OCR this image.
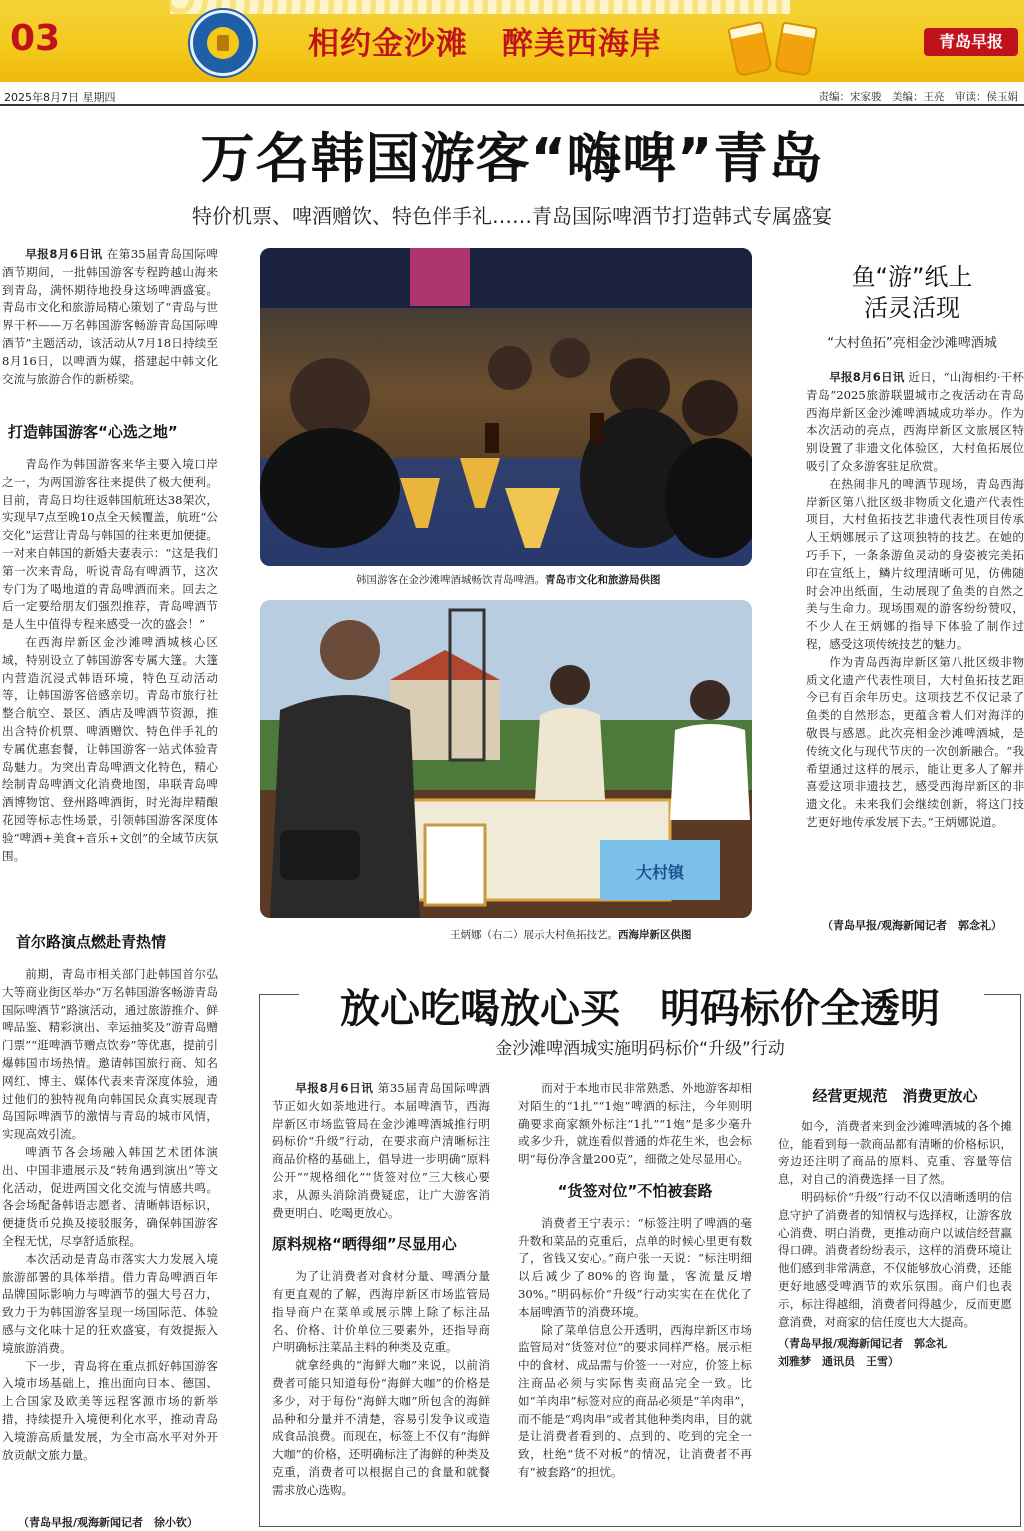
03	相约金沙滩 醉美西海岸	青岛早报
2025年8月7日 星期四	责编：宋家骏　美编：王亮　审读：侯玉娟
万名韩国游客“嗨啤”青岛
特价机票、啤酒赠饮、特色伴手礼……青岛国际啤酒节打造韩式专属盛宴

早报8月6日讯 在第35届青岛国际啤酒节期间，一批韩国游客专程跨越山海来到青岛，满怀期待地投身这场啤酒盛宴。青岛市文化和旅游局精心策划了“青岛与世界干杯——万名韩国游客畅游青岛国际啤酒节”主题活动，该活动从7月18日持续至8月16日，以啤酒为媒，搭建起中韩文化交流与旅游合作的新桥梁。

打造韩国游客“心选之地”

青岛作为韩国游客来华主要入境口岸之一，为两国游客往来提供了极大便利。目前，青岛日均往返韩国航班达38架次，实现早7点至晚10点全天候覆盖，航班“公交化”运营让青岛与韩国的往来更加便捷。一对来自韩国的新婚夫妻表示：“这是我们第一次来青岛，听说青岛有啤酒节，这次专门为了喝地道的青岛啤酒而来。回去之后一定要给朋友们强烈推荐，青岛啤酒节是人生中值得专程来感受一次的盛会！”

在西海岸新区金沙滩啤酒城核心区域，特别设立了韩国游客专属大篷。大篷内营造沉浸式韩语环境，特色互动活动等，让韩国游客倍感亲切。青岛市旅行社整合航空、景区、酒店及啤酒节资源，推出含特价机票、啤酒赠饮、特色伴手礼的专属优惠套餐，让韩国游客一站式体验青岛魅力。为突出青岛啤酒文化特色，精心绘制青岛啤酒文化消费地图，串联青岛啤酒博物馆、登州路啤酒街，时光海岸精酿花园等标志性场景，引领韩国游客深度体验“啤酒+美食+音乐+文创”的全域节庆氛围。

首尔路演点燃赴青热情

前期，青岛市相关部门赴韩国首尔弘大等商业街区举办“万名韩国游客畅游青岛国际啤酒节”路演活动，通过旅游推介、鲜啤品鉴、精彩演出、幸运抽奖及“游青岛赠门票”“逛啤酒节赠点饮券”等优惠，提前引爆韩国市场热情。邀请韩国旅行商、知名网红、博主、媒体代表来青深度体验，通过他们的独特视角向韩国民众真实展现青岛国际啤酒节的激情与青岛的城市风情，实现高效引流。

啤酒节各会场融入韩国艺术团体演出、中国非遗展示及“转角遇到演出”等文化活动，促进两国文化交流与情感共鸣。各会场配备韩语志愿者、清晰韩语标识，便捷货币兑换及接驳服务，确保韩国游客全程无忧，尽享舒适旅程。

本次活动是青岛市落实大力发展入境旅游部署的具体举措。借力青岛啤酒百年品牌国际影响力与啤酒节的强大号召力，致力于为韩国游客呈现一场国际范、体验感与文化味十足的狂欢盛宴，有效提振入境旅游消费。

下一步，青岛将在重点抓好韩国游客入境市场基础上，推出面向日本、德国、上合国家及欧美等远程客源市场的新举措，持续提升入境便利化水平，推动青岛入境游高质量发展，为全市高水平对外开放贡献文旅力量。

（青岛早报/观海新闻记者　徐小钦）
韩国游客在金沙滩啤酒城畅饮青岛啤酒。青岛市文化和旅游局供图
大村镇
王炳娜（右二）展示大村鱼拓技艺。西海岸新区供图
鱼“游”纸上
活灵活现
“大村鱼拓”亮相金沙滩啤酒城

早报8月6日讯 近日，“山海相约·干杯青岛”2025旅游联盟城市之夜活动在青岛西海岸新区金沙滩啤酒城成功举办。作为本次活动的亮点，西海岸新区文旅展区特别设置了非遗文化体验区，大村鱼拓展位吸引了众多游客驻足欣赏。

在热闹非凡的啤酒节现场，青岛西海岸新区第八批区级非物质文化遗产代表性项目，大村鱼拓技艺非遗代表性项目传承人王炳娜展示了这项独特的技艺。在她的巧手下，一条条游鱼灵动的身姿被完美拓印在宣纸上，鳞片纹理清晰可见，仿佛随时会冲出纸面，生动展现了鱼类的自然之美与生命力。现场围观的游客纷纷赞叹，不少人在王炳娜的指导下体验了制作过程，感受这项传统技艺的魅力。

作为青岛西海岸新区第八批区级非物质文化遗产代表性项目，大村鱼拓技艺距今已有百余年历史。这项技艺不仅记录了鱼类的自然形态，更蕴含着人们对海洋的敬畏与感恩。此次亮相金沙滩啤酒城，是传统文化与现代节庆的一次创新融合。“我希望通过这样的展示，能让更多人了解并喜爱这项非遗技艺，感受西海岸新区的非遗文化。未来我们会继续创新，将这门技艺更好地传承发展下去。”王炳娜说道。

（青岛早报/观海新闻记者　郭念礼）
放心吃喝放心买　明码标价全透明
金沙滩啤酒城实施明码标价“升级”行动

早报8月6日讯 第35届青岛国际啤酒节正如火如荼地进行。本届啤酒节，西海岸新区市场监管局在金沙滩啤酒城推行明码标价“升级”行动，在要求商户清晰标注商品价格的基础上，倡导进一步明确“原料公开”“规格细化”“货签对位”三大核心要求，从源头消除消费疑虑，让广大游客消费更明白、吃喝更放心。

原料规格“晒得细”尽显用心

为了让消费者对食材分量、啤酒分量有更直观的了解，西海岸新区市场监管局指导商户在菜单或展示牌上除了标注品名、价格、计价单位三要素外，还指导商户明确标注菜品主料的种类及克重。

就拿经典的“海鲜大咖”来说，以前消费者可能只知道每份“海鲜大咖”的价格是多少，对于每份“海鲜大咖”所包含的海鲜品种和分量并不清楚，容易引发争议或造成食品浪费。而现在，标签上不仅有“海鲜大咖”的价格，还明确标注了海鲜的种类及克重，消费者可以根据自己的食量和就餐需求放心选购。

而对于本地市民非常熟悉、外地游客却相对陌生的“1扎”“1炮”啤酒的标注，今年则明确要求商家额外标注“1扎”“1炮”是多少毫升或多少升，就连看似普通的炸花生米，也会标明“每份净含量200克”，细微之处尽显用心。

“货签对位”不怕被套路

消费者王宁表示：“标签注明了啤酒的毫升数和菜品的克重后，点单的时候心里更有数了，省钱又安心。”商户张一天说：“标注明细以后减少了80%的咨询量，客流量反增30%。”明码标价“升级”行动实实在在优化了本届啤酒节的消费环境。

除了菜单信息公开透明，西海岸新区市场监管局对“货签对位”的要求同样严格。展示柜中的食材、成品需与价签一一对应，价签上标注商品必须与实际售卖商品完全一致。比如“羊肉串”标签对应的商品必须是“羊肉串”，而不能是“鸡肉串”或者其他种类肉串，目的就是让消费者看到的、点到的、吃到的完全一致，杜绝“货不对板”的情况，让消费者不再有“被套路”的担忧。

经营更规范　消费更放心

如今，消费者来到金沙滩啤酒城的各个摊位，能看到每一款商品都有清晰的价格标识，旁边还注明了商品的原料、克重、容量等信息，对自己的消费选择一目了然。

明码标价“升级”行动不仅以清晰透明的信息守护了消费者的知情权与选择权，让游客放心消费、明白消费，更推动商户以诚信经营赢得口碑。消费者纷纷表示，这样的消费环境让他们感到非常满意，不仅能够放心消费，还能更好地感受啤酒节的欢乐氛围。商户们也表示，标注得越细，消费者问得越少，反而更愿意消费，对商家的信任度也大大提高。

（青岛早报/观海新闻记者　郭念礼
刘雅梦　通讯员　王雪）
